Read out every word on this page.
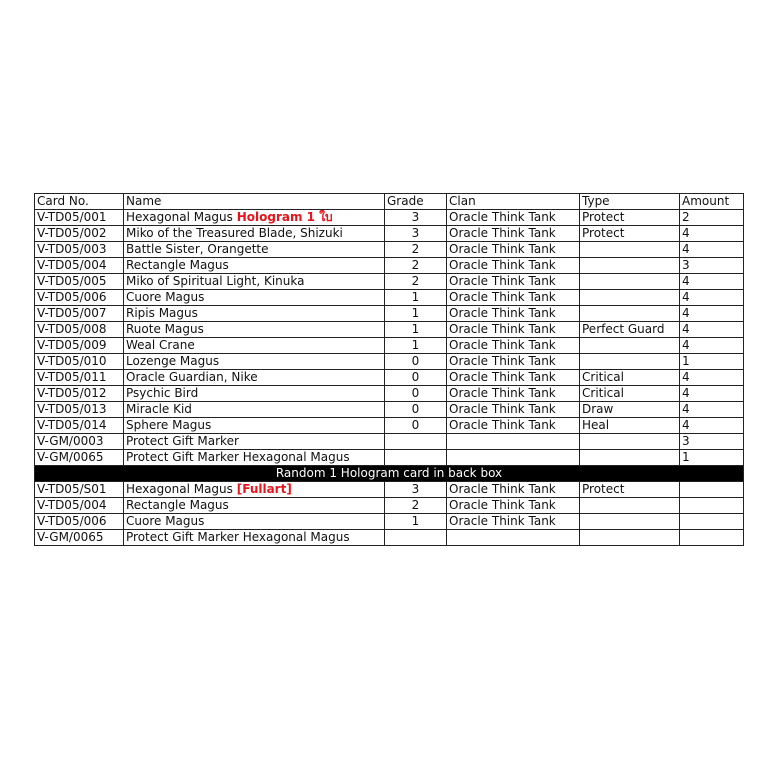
Card No.	Name	Grade	Clan	Type	Amount
V-TD05/001	Hexagonal Magus Hologram 1 ใบ	3	Oracle Think Tank	Protect	2
V-TD05/002	Miko of the Treasured Blade, Shizuki	3	Oracle Think Tank	Protect	4
V-TD05/003	Battle Sister, Orangette	2	Oracle Think Tank		4
V-TD05/004	Rectangle Magus	2	Oracle Think Tank		3
V-TD05/005	Miko of Spiritual Light, Kinuka	2	Oracle Think Tank		4
V-TD05/006	Cuore Magus	1	Oracle Think Tank		4
V-TD05/007	Ripis Magus	1	Oracle Think Tank		4
V-TD05/008	Ruote Magus	1	Oracle Think Tank	Perfect Guard	4
V-TD05/009	Weal Crane	1	Oracle Think Tank		4
V-TD05/010	Lozenge Magus	0	Oracle Think Tank		1
V-TD05/011	Oracle Guardian, Nike	0	Oracle Think Tank	Critical	4
V-TD05/012	Psychic Bird	0	Oracle Think Tank	Critical	4
V-TD05/013	Miracle Kid	0	Oracle Think Tank	Draw	4
V-TD05/014	Sphere Magus	0	Oracle Think Tank	Heal	4
V-GM/0003	Protect Gift Marker				3
V-GM/0065	Protect Gift Marker Hexagonal Magus				1
Random 1 Hologram card in back box					
V-TD05/S01	Hexagonal Magus [Fullart]	3	Oracle Think Tank	Protect	
V-TD05/004	Rectangle Magus	2	Oracle Think Tank		
V-TD05/006	Cuore Magus	1	Oracle Think Tank		
V-GM/0065	Protect Gift Marker Hexagonal Magus				
